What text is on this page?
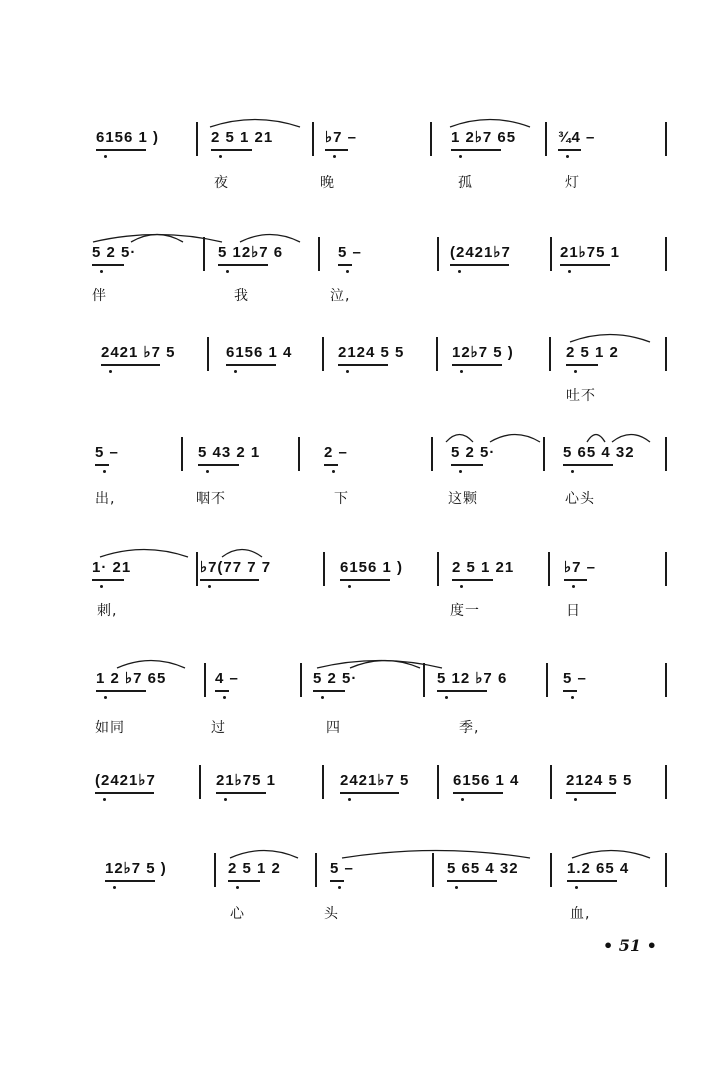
6156 1 )	2 5 1 21	♭7 –	1 2♭7 65	¾4 –
夜	晚	孤	灯
5 2 5·	5 12♭7 6	5 –	(2421♭7	21♭75 1
伴	我	泣,
2421 ♭7 5	6156 1 4	2124 5 5	12♭7 5 )	2 5 1 2
吐不
5 –	5 43 2 1	2 –	5 2 5·	5 65 4 32
出,	咽不	下	这颗	心头
1· 21	♭7(77 7 7	6156 1 )	2 5 1 21	♭7 –
刺,	度一	日
1 2 ♭7 65	4 –	5 2 5·	5 12 ♭7 6	5 –
如同	过	四	季,
(2421♭7	21♭75 1	2421♭7 5	6156 1 4	2124 5 5
12♭7 5 )	2 5 1 2	5 –	5 65 4 32	1.2 65 4
心	头	血,
• 51 •
